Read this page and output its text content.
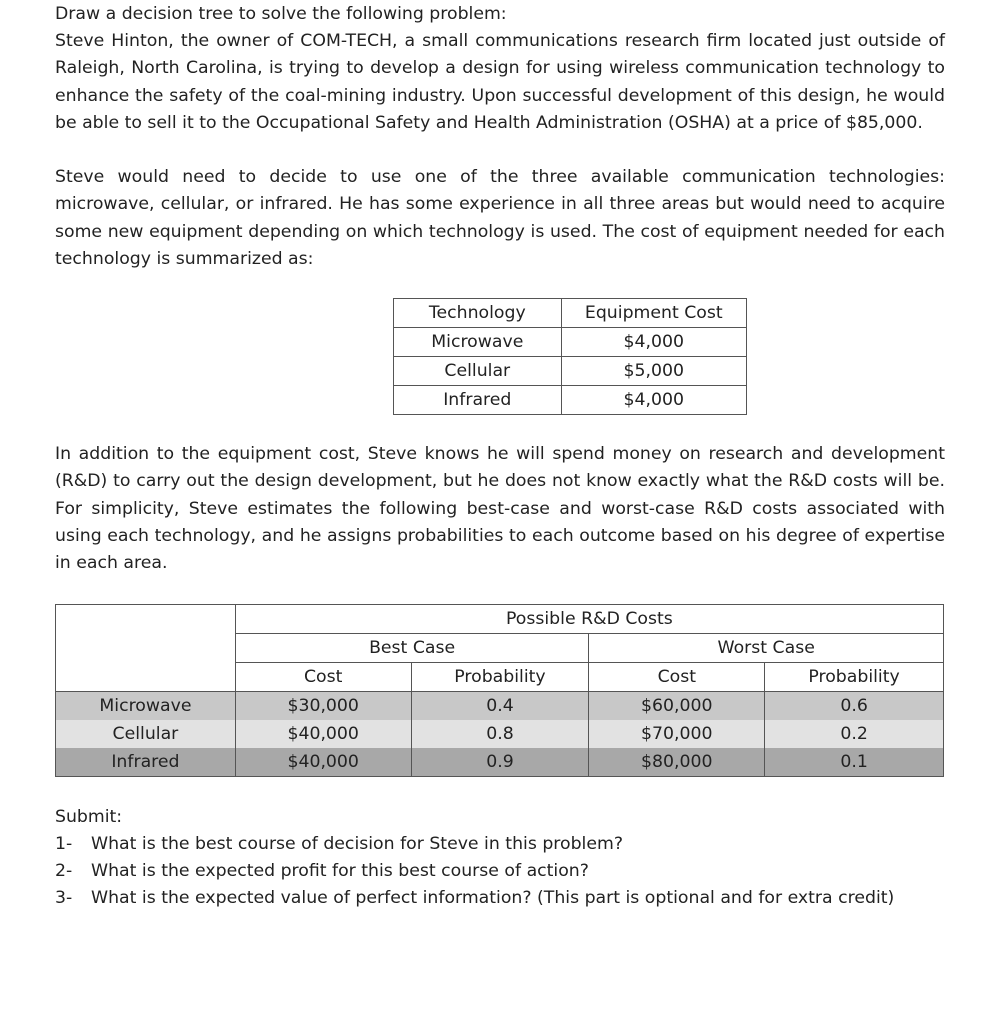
Draw a decision tree to solve the following problem:

Steve Hinton, the owner of COM-TECH, a small communications research firm located just outside of Raleigh, North Carolina, is trying to develop a design for using wireless communication technology to enhance the safety of the coal-mining industry. Upon successful development of this design, he would be able to sell it to the Occupational Safety and Health Administration (OSHA) at a price of $85,000.

Steve would need to decide to use one of the three available communication technologies: microwave, cellular, or infrared. He has some experience in all three areas but would need to acquire some new equipment depending on which technology is used. The cost of equipment needed for each technology is summarized as:

Technology	Equipment Cost
Microwave	$4,000
Cellular	$5,000
Infrared	$4,000

In addition to the equipment cost, Steve knows he will spend money on research and development (R&D) to carry out the design development, but he does not know exactly what the R&D costs will be. For simplicity, Steve estimates the following best-case and worst-case R&D costs associated with using each technology, and he assigns probabilities to each outcome based on his degree of expertise in each area.

	Possible R&D Costs			
	Best Case		Worst Case	
	Cost	Probability	Cost	Probability
Microwave	$30,000	0.4	$60,000	0.6
Cellular	$40,000	0.8	$70,000	0.2
Infrared	$40,000	0.9	$80,000	0.1
Submit:
1- What is the best course of decision for Steve in this problem?
2- What is the expected profit for this best course of action?
3- What is the expected value of perfect information? (This part is optional and for extra credit)
